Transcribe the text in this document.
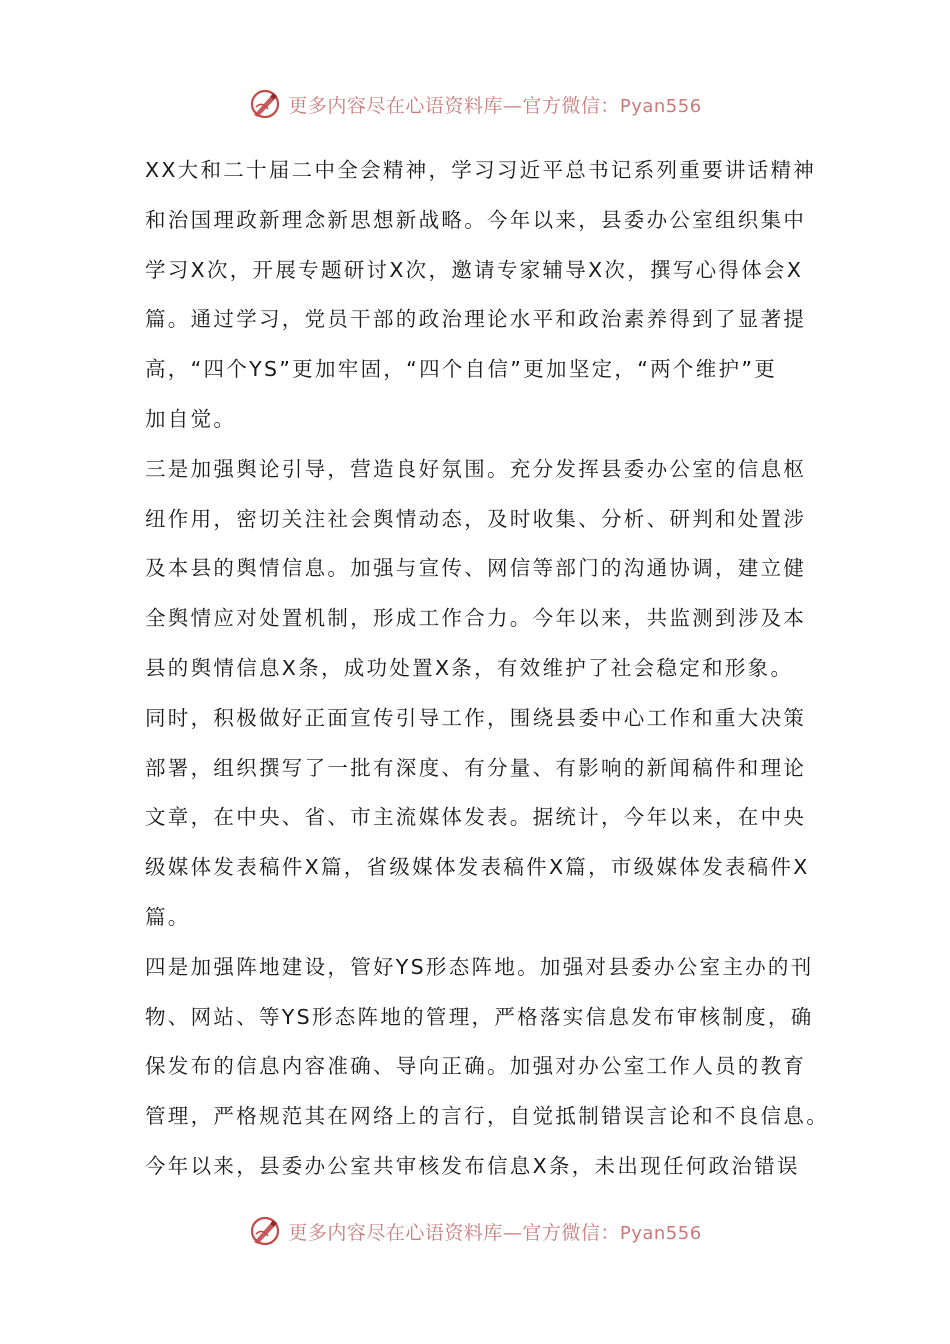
更多内容尽在心语资料库—官方微信：Pyan556
XX大和二十届二中全会精神，学习习近平总书记系列重要讲话精神
和治国理政新理念新思想新战略。今年以来，县委办公室组织集中
学习X次，开展专题研讨X次，邀请专家辅导X次，撰写心得体会X
篇。通过学习，党员干部的政治理论水平和政治素养得到了显著提
高，“四个YS”更加牢固，“四个自信”更加坚定，“两个维护”更
加自觉。
三是加强舆论引导，营造良好氛围。充分发挥县委办公室的信息枢
纽作用，密切关注社会舆情动态，及时收集、分析、研判和处置涉
及本县的舆情信息。加强与宣传、网信等部门的沟通协调，建立健
全舆情应对处置机制，形成工作合力。今年以来，共监测到涉及本
县的舆情信息X条，成功处置X条，有效维护了社会稳定和形象。
同时，积极做好正面宣传引导工作，围绕县委中心工作和重大决策
部署，组织撰写了一批有深度、有分量、有影响的新闻稿件和理论
文章，在中央、省、市主流媒体发表。据统计，今年以来，在中央
级媒体发表稿件X篇，省级媒体发表稿件X篇，市级媒体发表稿件X
篇。
四是加强阵地建设，管好YS形态阵地。加强对县委办公室主办的刊
物、网站、等YS形态阵地的管理，严格落实信息发布审核制度，确
保发布的信息内容准确、导向正确。加强对办公室工作人员的教育
管理，严格规范其在网络上的言行，自觉抵制错误言论和不良信息。
今年以来，县委办公室共审核发布信息X条，未出现任何政治错误
更多内容尽在心语资料库—官方微信：Pyan556
